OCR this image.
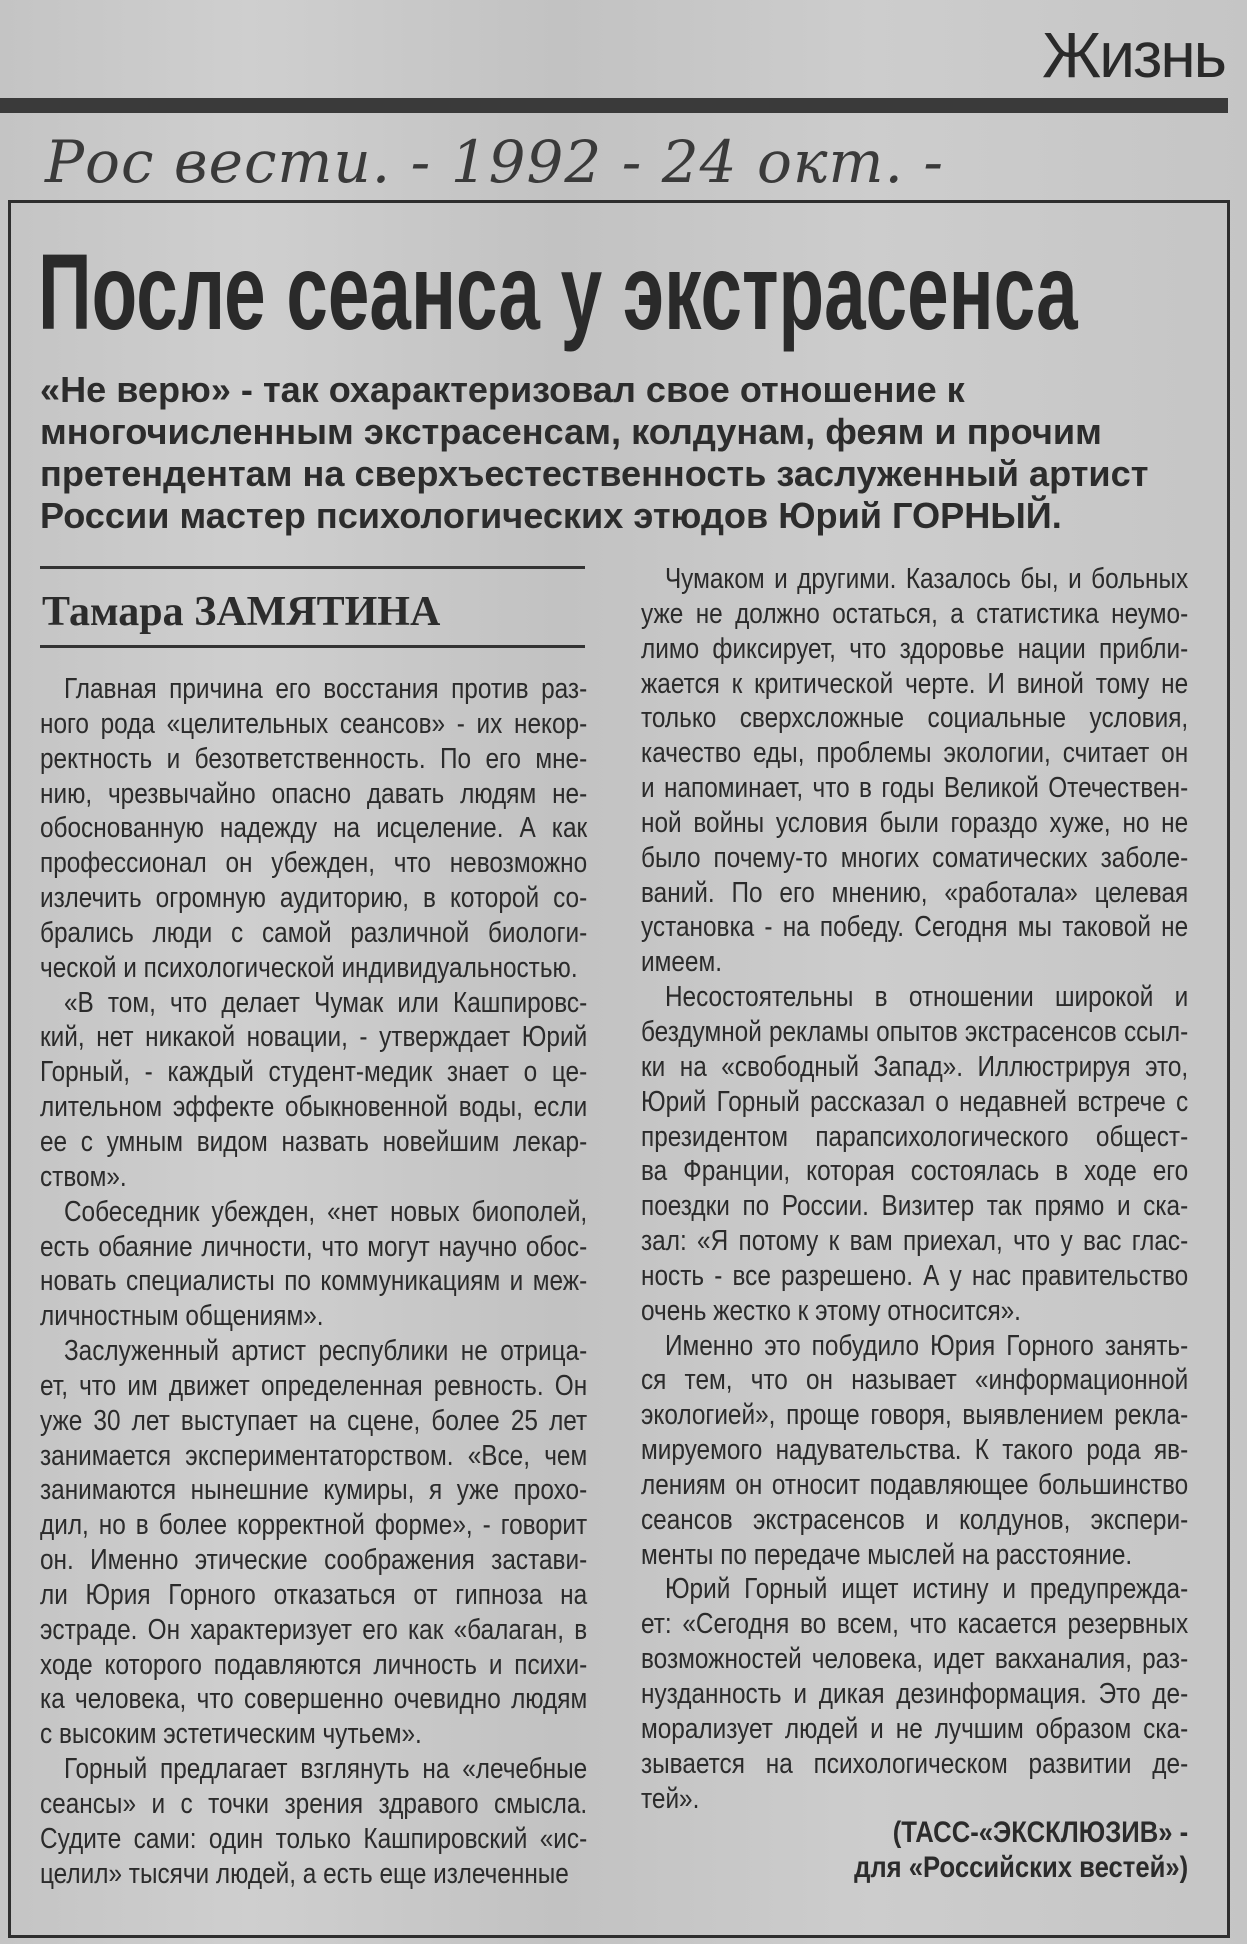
Жизнь
Рос вести. - 1992 - 24 окт. -
После сеанса у экстрасенса
«Не верю» - так охарактеризовал свое отношение к
многочисленным экстрасенсам, колдунам, феям и прочим
претендентам на сверхъестественность заслуженный артист
России мастер психологических этюдов Юрий ГОРНЫЙ.
Тамара ЗАМЯТИНА
Главная причина его восстания против раз-
ного рода «целительных сеансов» - их некор-
ректность и безответственность. По его мне-
нию, чрезвычайно опасно давать людям не-
обоснованную надежду на исцеление. А как
профессионал он убежден, что невозможно
излечить огромную аудиторию, в которой со-
брались люди с самой различной биологи-
ческой и психологической индивидуальностью.
«В том, что делает Чумак или Кашпировс-
кий, нет никакой новации, - утверждает Юрий
Горный, - каждый студент-медик знает о це-
лительном эффекте обыкновенной воды, если
ее с умным видом назвать новейшим лекар-
ством».
Собеседник убежден, «нет новых биополей,
есть обаяние личности, что могут научно обос-
новать специалисты по коммуникациям и меж-
личностным общениям».
Заслуженный артист республики не отрица-
ет, что им движет определенная ревность. Он
уже 30 лет выступает на сцене, более 25 лет
занимается экспериментаторством. «Все, чем
занимаются нынешние кумиры, я уже прохо-
дил, но в более корректной форме», - говорит
он. Именно этические соображения застави-
ли Юрия Горного отказаться от гипноза на
эстраде. Он характеризует его как «балаган, в
ходе которого подавляются личность и психи-
ка человека, что совершенно очевидно людям
с высоким эстетическим чутьем».
Горный предлагает взглянуть на «лечебные
сеансы» и с точки зрения здравого смысла.
Судите сами: один только Кашпировский «ис-
целил» тысячи людей, а есть еще излеченные
Чумаком и другими. Казалось бы, и больных
уже не должно остаться, а статистика неумо-
лимо фиксирует, что здоровье нации прибли-
жается к критической черте. И виной тому не
только сверхсложные социальные условия,
качество еды, проблемы экологии, считает он
и напоминает, что в годы Великой Отечествен-
ной войны условия были гораздо хуже, но не
было почему-то многих соматических заболе-
ваний. По его мнению, «работала» целевая
установка - на победу. Сегодня мы таковой не
имеем.
Несостоятельны в отношении широкой и
бездумной рекламы опытов экстрасенсов ссыл-
ки на «свободный Запад». Иллюстрируя это,
Юрий Горный рассказал о недавней встрече с
президентом парапсихологического общест-
ва Франции, которая состоялась в ходе его
поездки по России. Визитер так прямо и ска-
зал: «Я потому к вам приехал, что у вас глас-
ность - все разрешено. А у нас правительство
очень жестко к этому относится».
Именно это побудило Юрия Горного занять-
ся тем, что он называет «информационной
экологией», проще говоря, выявлением рекла-
мируемого надувательства. К такого рода яв-
лениям он относит подавляющее большинство
сеансов экстрасенсов и колдунов, экспери-
менты по передаче мыслей на расстояние.
Юрий Горный ищет истину и предупрежда-
ет: «Сегодня во всем, что касается резервных
возможностей человека, идет вакханалия, раз-
нузданность и дикая дезинформация. Это де-
морализует людей и не лучшим образом ска-
зывается на психологическом развитии де-
тей».
(ТАСС-«ЭКСКЛЮЗИВ» -
для «Российских вестей»)
